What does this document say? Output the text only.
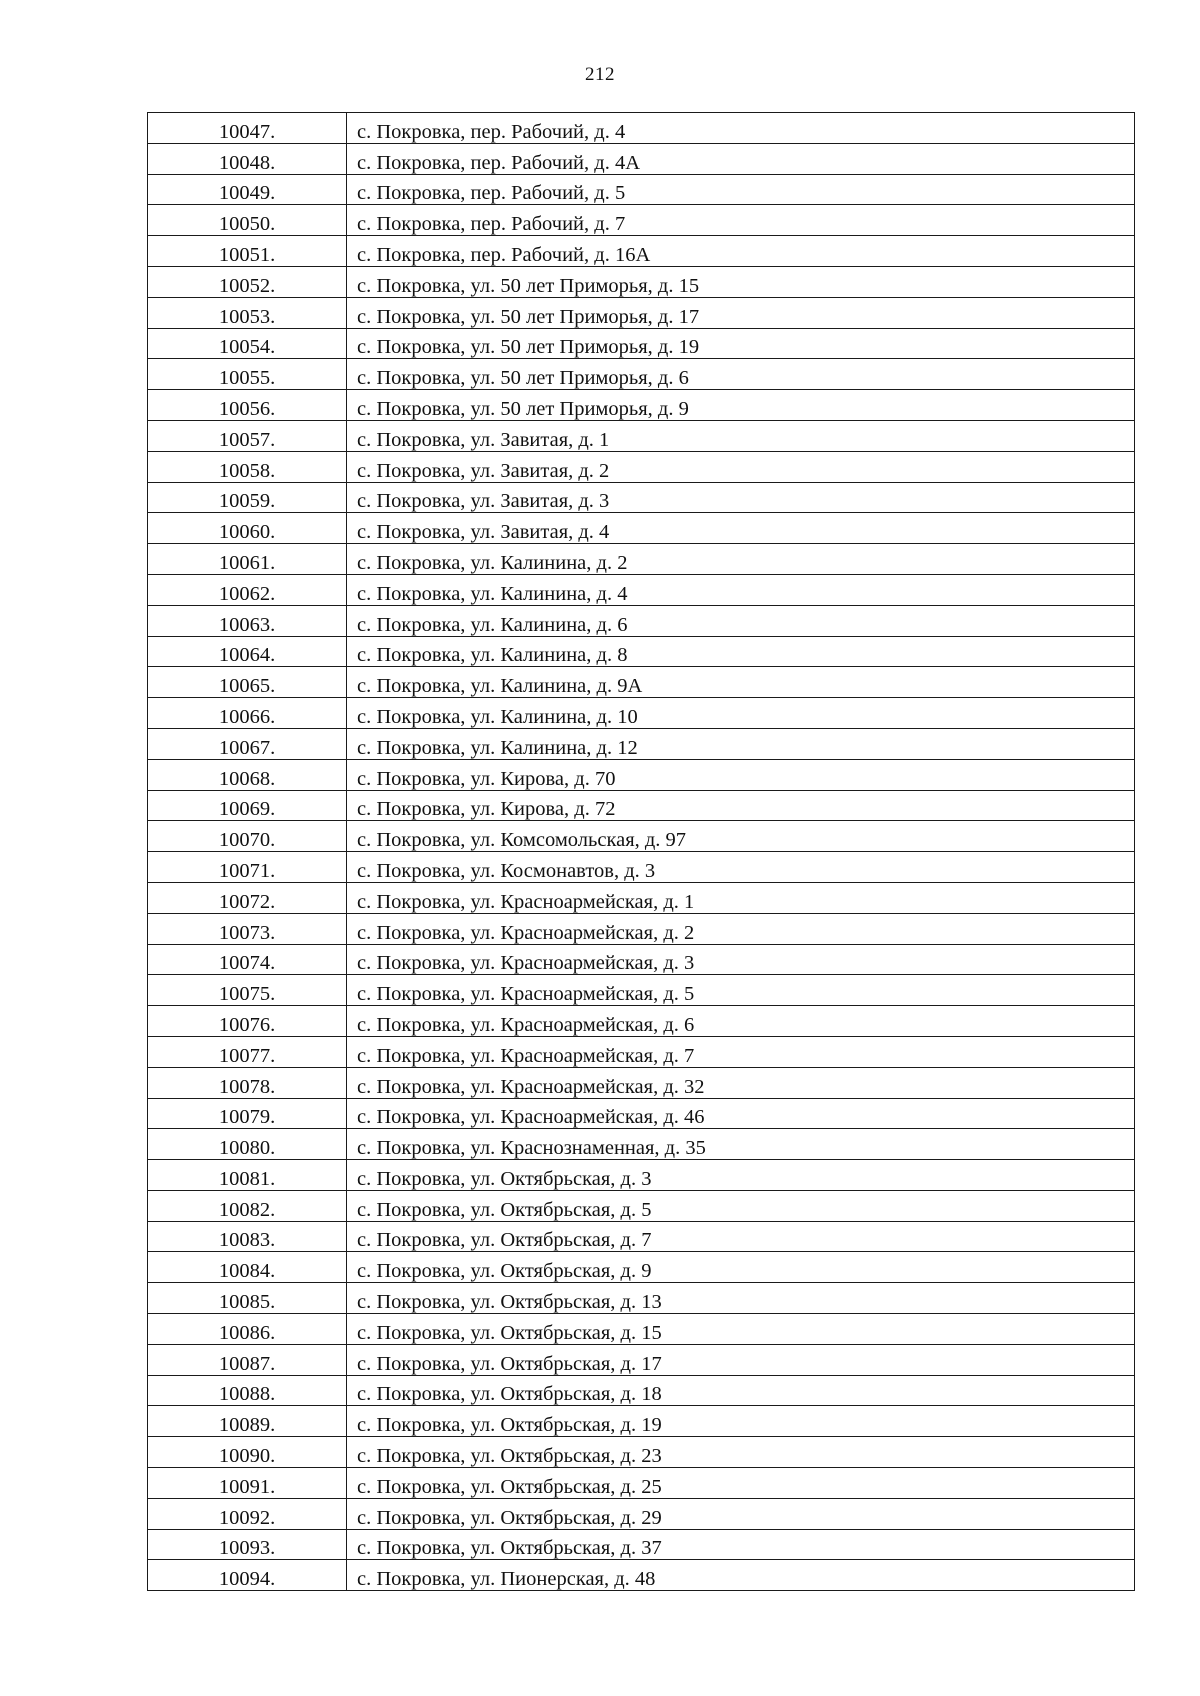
212
10047.	с. Покровка, пер. Рабочий, д. 4
10048.	с. Покровка, пер. Рабочий, д. 4А
10049.	с. Покровка, пер. Рабочий, д. 5
10050.	с. Покровка, пер. Рабочий, д. 7
10051.	с. Покровка, пер. Рабочий, д. 16А
10052.	с. Покровка, ул. 50 лет Приморья, д. 15
10053.	с. Покровка, ул. 50 лет Приморья, д. 17
10054.	с. Покровка, ул. 50 лет Приморья, д. 19
10055.	с. Покровка, ул. 50 лет Приморья, д. 6
10056.	с. Покровка, ул. 50 лет Приморья, д. 9
10057.	с. Покровка, ул. Завитая, д. 1
10058.	с. Покровка, ул. Завитая, д. 2
10059.	с. Покровка, ул. Завитая, д. 3
10060.	с. Покровка, ул. Завитая, д. 4
10061.	с. Покровка, ул. Калинина, д. 2
10062.	с. Покровка, ул. Калинина, д. 4
10063.	с. Покровка, ул. Калинина, д. 6
10064.	с. Покровка, ул. Калинина, д. 8
10065.	с. Покровка, ул. Калинина, д. 9А
10066.	с. Покровка, ул. Калинина, д. 10
10067.	с. Покровка, ул. Калинина, д. 12
10068.	с. Покровка, ул. Кирова, д. 70
10069.	с. Покровка, ул. Кирова, д. 72
10070.	с. Покровка, ул. Комсомольская, д. 97
10071.	с. Покровка, ул. Космонавтов, д. 3
10072.	с. Покровка, ул. Красноармейская, д. 1
10073.	с. Покровка, ул. Красноармейская, д. 2
10074.	с. Покровка, ул. Красноармейская, д. 3
10075.	с. Покровка, ул. Красноармейская, д. 5
10076.	с. Покровка, ул. Красноармейская, д. 6
10077.	с. Покровка, ул. Красноармейская, д. 7
10078.	с. Покровка, ул. Красноармейская, д. 32
10079.	с. Покровка, ул. Красноармейская, д. 46
10080.	с. Покровка, ул. Краснознаменная, д. 35
10081.	с. Покровка, ул. Октябрьская, д. 3
10082.	с. Покровка, ул. Октябрьская, д. 5
10083.	с. Покровка, ул. Октябрьская, д. 7
10084.	с. Покровка, ул. Октябрьская, д. 9
10085.	с. Покровка, ул. Октябрьская, д. 13
10086.	с. Покровка, ул. Октябрьская, д. 15
10087.	с. Покровка, ул. Октябрьская, д. 17
10088.	с. Покровка, ул. Октябрьская, д. 18
10089.	с. Покровка, ул. Октябрьская, д. 19
10090.	с. Покровка, ул. Октябрьская, д. 23
10091.	с. Покровка, ул. Октябрьская, д. 25
10092.	с. Покровка, ул. Октябрьская, д. 29
10093.	с. Покровка, ул. Октябрьская, д. 37
10094.	с. Покровка, ул. Пионерская, д. 48
